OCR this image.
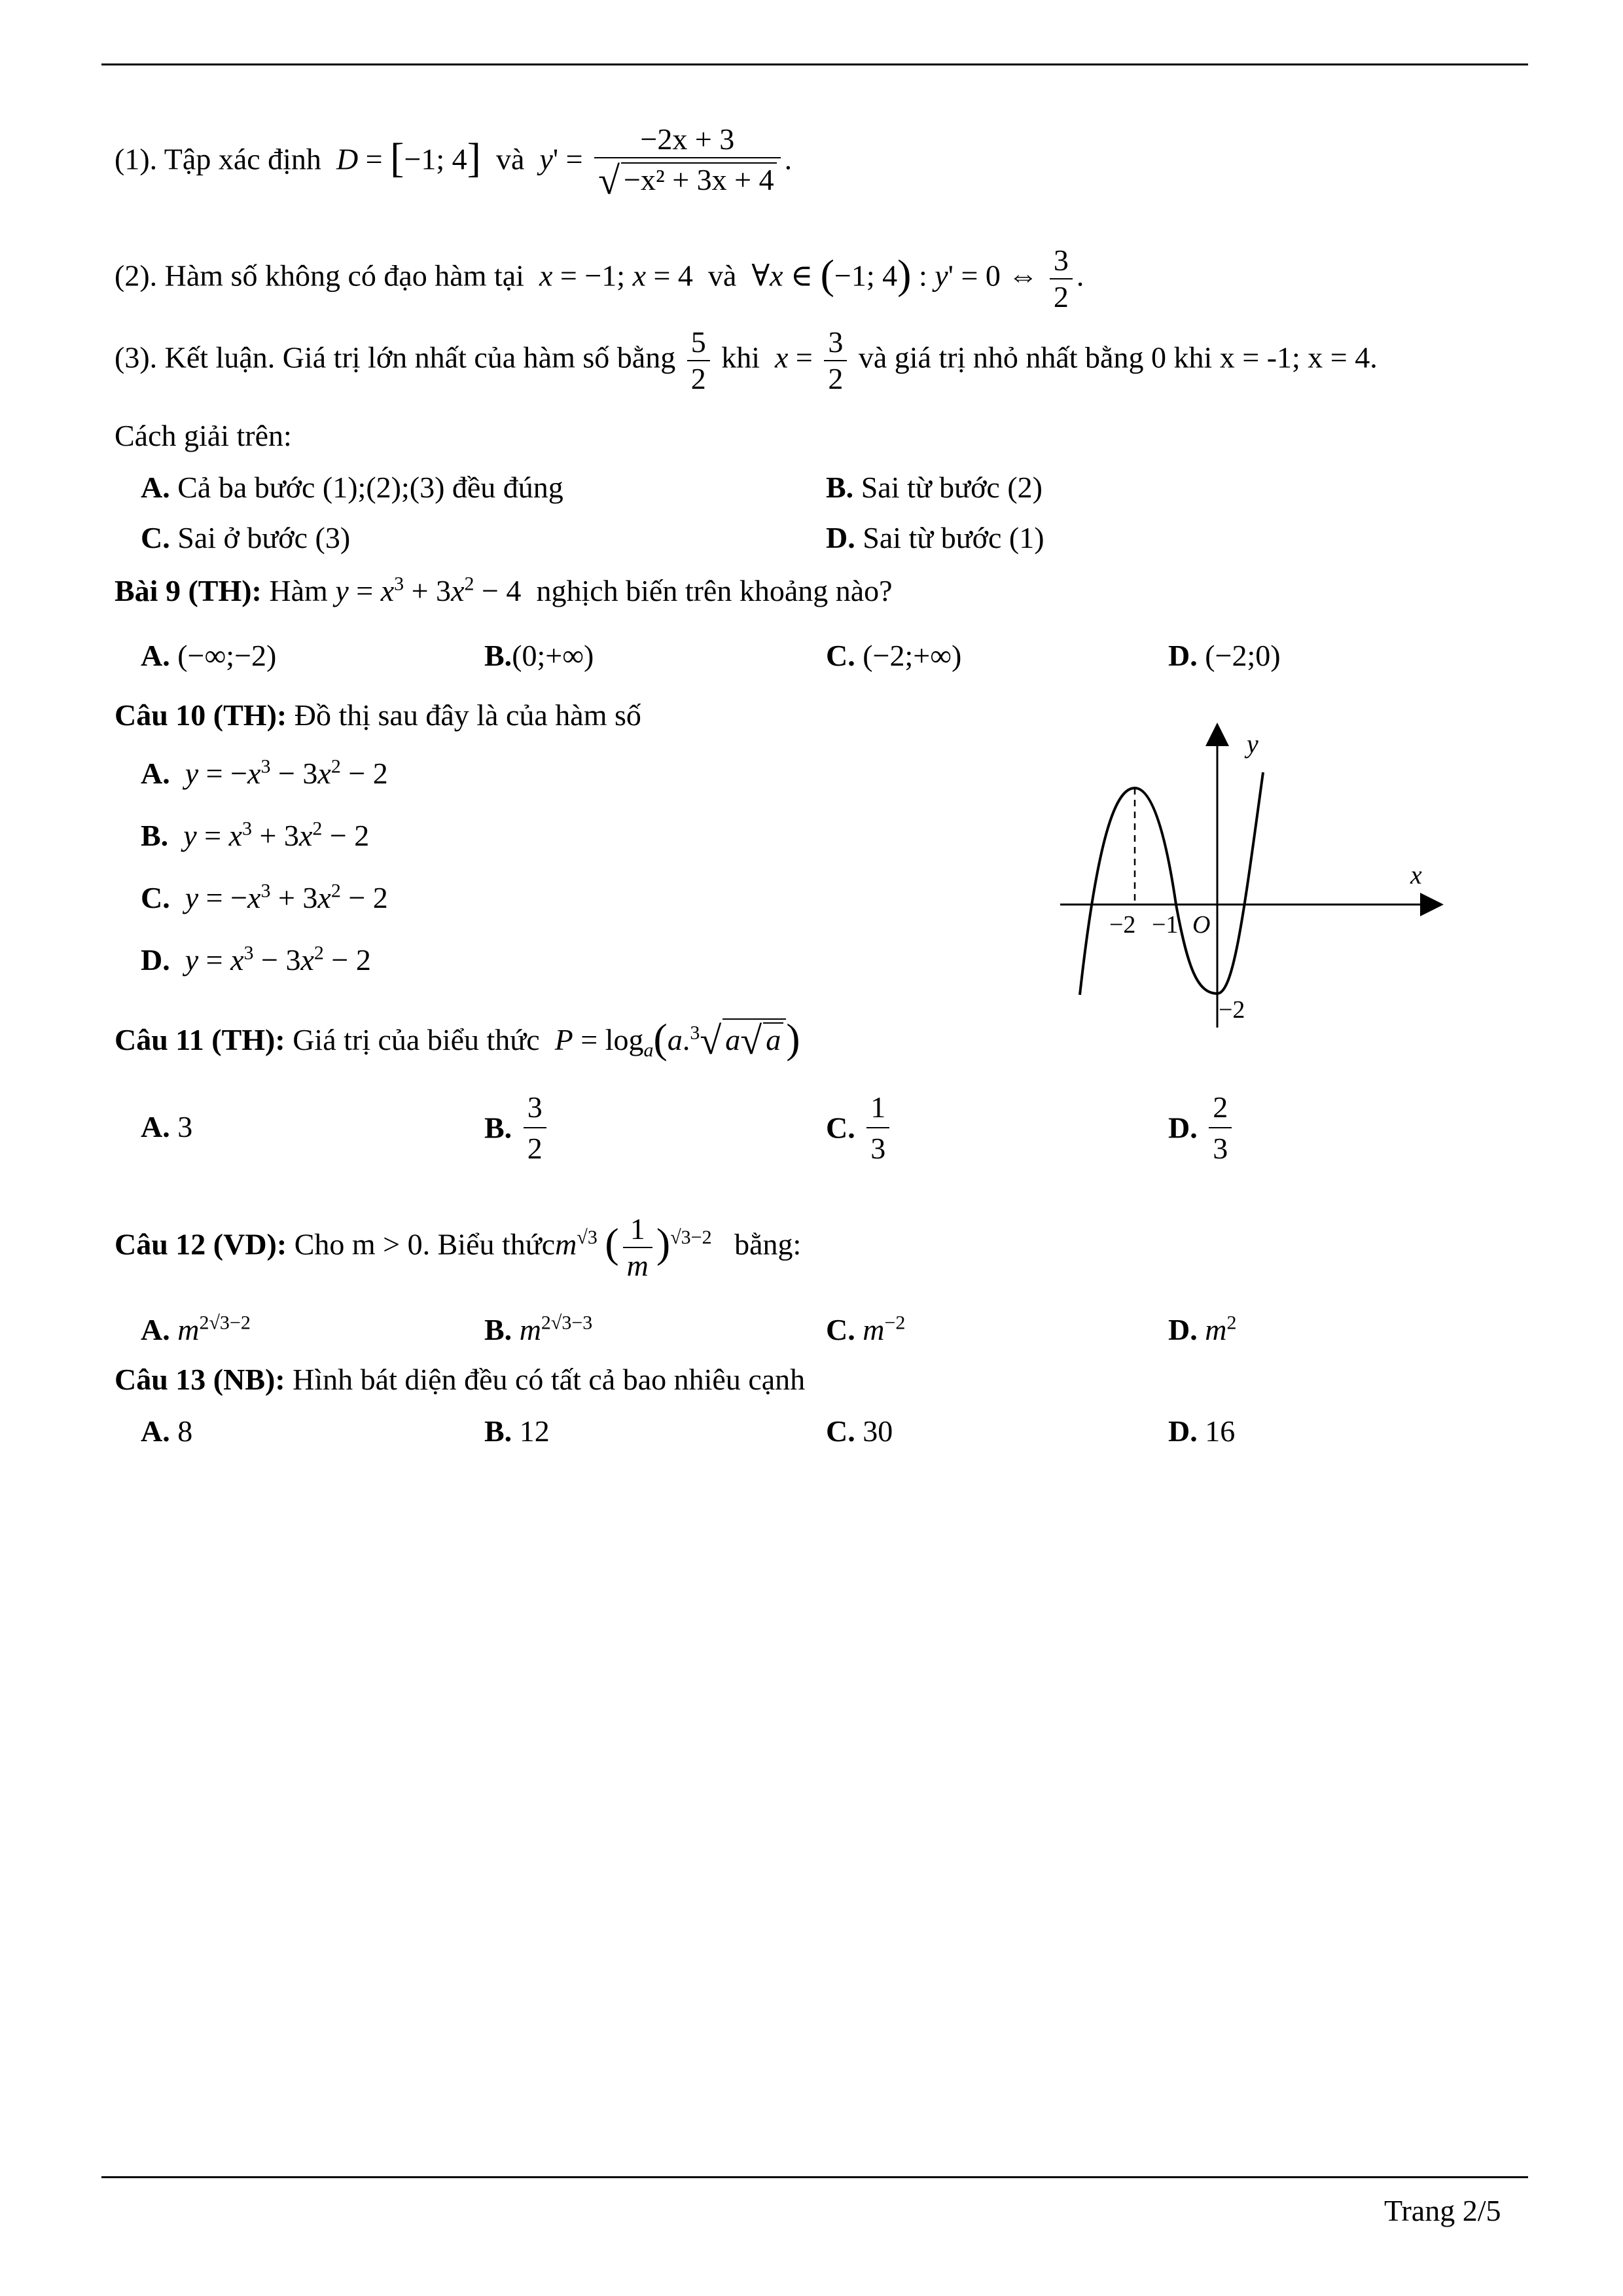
(1). Tập xác định  D = [−1; 4] và $y' = \frac{-2x + 3}{\text{√ −x² + 3x + 4}}$ .
(2). Hàm số không có đạo hàm tại x = −1; x = 4  và  ∀x ∈ (−1; 4) : y' = 0 ⇔ $\frac{3}{2}$ .
(3). Kết luận. Giá trị lớn nhất của hàm số bằng $\frac{5}{2}$ khi $x = \frac{3}{2}$ và giá trị nhỏ nhất bằng 0 khi x = -1; x = 4.
Cách giải trên:
A. Cả ba bước (1);(2);(3) đều đúng	B. Sai từ bước (2)
C. Sai ở bước (3)	D. Sai từ bước (1)
Bài 9 (TH): Hàm $y = x^3 + 3x^2 - 4$  nghịch biến trên khoảng nào?
A. (−∞;−2)	B.(0;+∞)	C. (−2;+∞)	D. (−2;0)
Câu 10 (TH): Đồ thị sau đây là của hàm số
A. $y = -x^3 - 3x^2 - 2$
B. $y = x^3 + 3x^2 - 2$
C. $y = -x^3 + 3x^2 - 2$
D. $y = x^3 - 3x^2 - 2$
x
y
O
−2 −1
−2
Câu 11 (TH): Giá trị của biểu thức $P = \log_a(a.^3√$ a√ a )
A. 3	B. $\frac{3}{2}$	C. $\frac{1}{3}$	D. $\frac{2}{3}$
Câu 12 (VD): Cho m > 0. Biểu thứcm$^{√3}$ ( $\frac{1}{m} )^{√3-2}$ bằng:
A. $m^{2√3-2}$	B. $m^{2√3-3}$	C. $m^{-2}$	D. $m^2$
Câu 13 (NB): Hình bát diện đều có tất cả bao nhiêu cạnh
A. 8	B. 12	C. 30	D. 16
Trang 2/5
